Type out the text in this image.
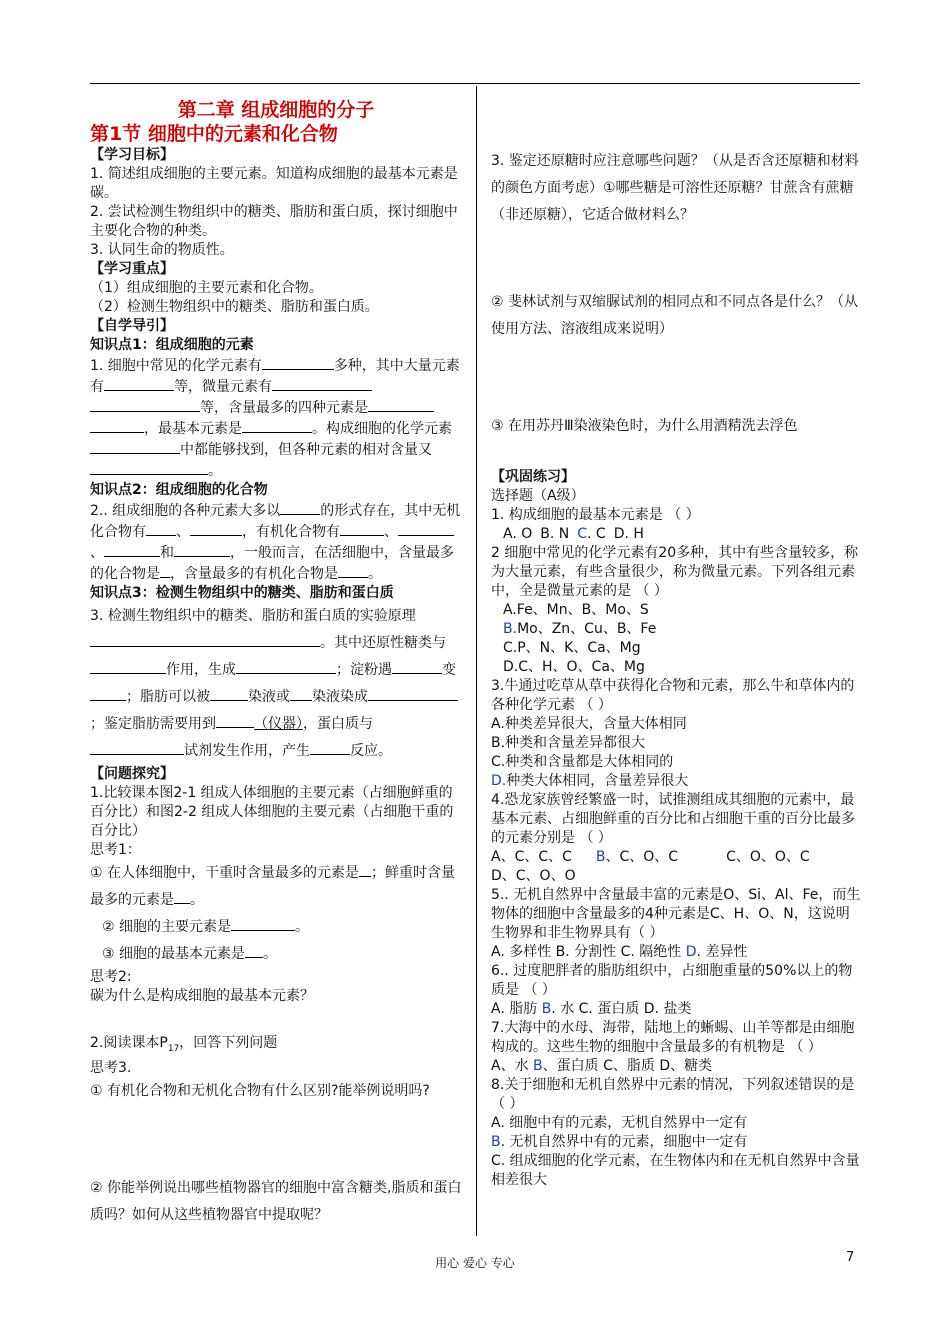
第二章 组成细胞的分子
第1节 细胞中的元素和化合物

【学习目标】

1. 简述组成细胞的主要元素。知道构成细胞的最基本元素是碳。

2. 尝试检测生物组织中的糖类、脂肪和蛋白质，探讨细胞中主要化合物的种类。

3. 认同生命的物质性。

【学习重点】

（1）组成细胞的主要元素和化合物。

（2）检测生物组织中的糖类、脂肪和蛋白质。

【自学导引】

知识点1：组成细胞的元素

1. 细胞中常见的化学元素有	多种，其中大量元素有	等，微量元素有等，含量最多的四种元素是，最基本元素是	。构成细胞的化学元素中都能够找到，但各种元素的相对含量又。

知识点2：组成细胞的化合物

2.. 组成细胞的各种元素大多以	的形式存在，其中无机化合物有 、	，有机化合物有	、、	和	，一般而言，在活细胞中，含量最多的化合物是 ，含量最多的有机化合物是 。

知识点3：检测生物组织中的糖类、脂肪和蛋白质

3. 检测生物组织中的糖类、脂肪和蛋白质的实验原理。其中还原性糖类与作用，生成	；淀粉遇	变；脂肪可以被	染液或 染液染成；鉴定脂肪需要用到	（仪器），蛋白质与试剂发生作用，产生	反应。

【问题探究】

1.比较课本图2-1 组成人体细胞的主要元素（占细胞鲜重的百分比）和图2-2 组成人体细胞的主要元素（占细胞干重的百分比）

思考1：

① 在人体细胞中，干重时含量最多的元素是 ；鲜重时含量最多的元素是 。

② 细胞的主要元素是	。

③ 细胞的最基本元素是 。

思考2:

碳为什么是构成细胞的最基本元素？

2.阅读课本$P_{17}$，回答下列问题

思考3.

① 有机化合物和无机化合物有什么区别?能举例说明吗?

② 你能举例说出哪些植物器官的细胞中富含糖类,脂质和蛋白质吗？如何从这些植物器官中提取呢？

3. 鉴定还原糖时应注意哪些问题？（从是否含还原糖和材料的颜色方面考虑）①哪些糖是可溶性还原糖？甘蔗含有蔗糖（非还原糖），它适合做材料么？

② 斐林试剂与双缩脲试剂的相同点和不同点各是什么？（从使用方法、溶液组成来说明）

③ 在用苏丹Ⅲ染液染色时，为什么用酒精洗去浮色

【巩固练习】

选择题（A级）

1. 构成细胞的最基本元素是 （ ）

A. O B. N C. C D. H

2 细胞中常见的化学元素有20多种，其中有些含量较多，称为大量元素，有些含量很少，称为微量元素。下列各组元素中，全是微量元素的是 （ ）

A.Fe、Mn、B、Mo、S

B.Mo、Zn、Cu、B、Fe

C.P、N、K、Ca、Mg

D.C、H、O、Ca、Mg

3.牛通过吃草从草中获得化合物和元素，那么牛和草体内的各种化学元素 （ ）

A.种类差异很大，含量大体相同

B.种类和含量差异都很大

C.种类和含量都是大体相同的

D.种类大体相同，含量差异很大

4.恐龙家族曾经繁盛一时，试推测组成其细胞的元素中，最基本元素、占细胞鲜重的百分比和占细胞干重的百分比最多的元素分别是 （ ）

A、C、C、C B、C、O、C	C、O、O、C

D、C、O、O

5.. 无机自然界中含量最丰富的元素是O、Si、Al、Fe，而生物体的细胞中含量最多的4种元素是C、H、O、N，这说明生物界和非生物界具有（ ）

A. 多样性 B. 分割性 C. 隔绝性 D. 差异性

6.. 过度肥胖者的脂肪组织中，占细胞重量的50%以上的物质是 （ ）

A. 脂肪 B. 水 C. 蛋白质 D. 盐类

7.大海中的水母、海带，陆地上的蜥蜴、山羊等都是由细胞构成的。这些生物的细胞中含量最多的有机物是 （ ）

A、水 B、蛋白质 C、脂质 D、糖类

8.关于细胞和无机自然界中元素的情况，下列叙述错误的是 （ ）

A. 细胞中有的元素，无机自然界中一定有

B. 无机自然界中有的元素，细胞中一定有

C. 组成细胞的化学元素，在生物体内和在无机自然界中含量相差很大

用心 爱心 专心	7
